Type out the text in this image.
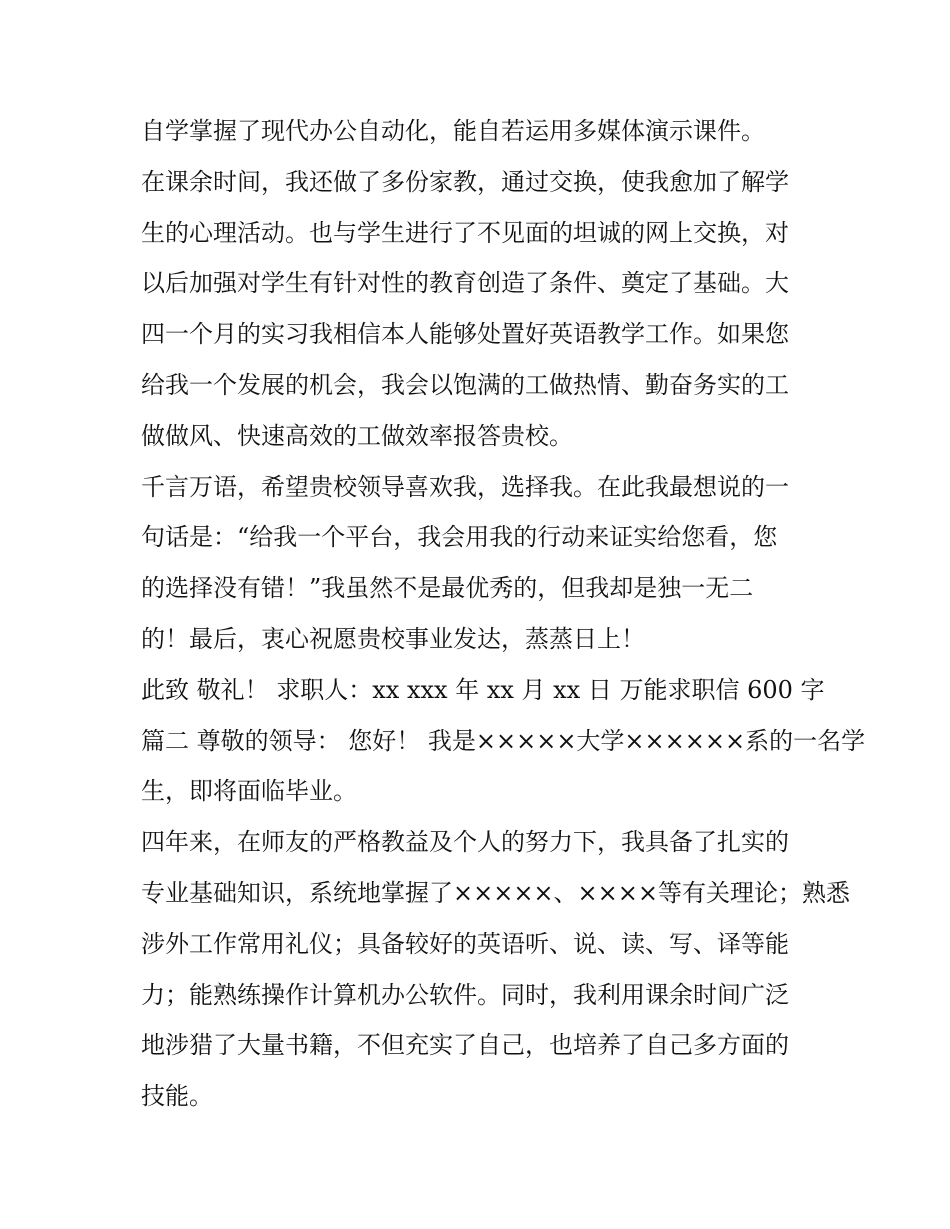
自学掌握了现代办公自动化，能自若运用多媒体演示课件。
在课余时间，我还做了多份家教，通过交换，使我愈加了解学
生的心理活动。也与学生进行了不见面的坦诚的网上交换，对
以后加强对学生有针对性的教育创造了条件、奠定了基础。大
四一个月的实习我相信本人能够处置好英语教学工作。如果您
给我一个发展的机会，我会以饱满的工做热情、勤奋务实的工
做做风、快速高效的工做效率报答贵校。
千言万语，希望贵校领导喜欢我，选择我。在此我最想说的一
句话是：“给我一个平台，我会用我的行动来证实给您看，您
的选择没有错！”我虽然不是最优秀的，但我却是独一无二
的！最后，衷心祝愿贵校事业发达，蒸蒸日上！
此致 敬礼！ 求职人：xx xxx 年 xx 月 xx 日 万能求职信 600 字
篇二 尊敬的领导： 您好！ 我是×××××大学××××××系的一名学
生，即将面临毕业。
四年来，在师友的严格教益及个人的努力下，我具备了扎实的
专业基础知识，系统地掌握了×××××、××××等有关理论；熟悉
涉外工作常用礼仪；具备较好的英语听、说、读、写、译等能
力；能熟练操作计算机办公软件。同时，我利用课余时间广泛
地涉猎了大量书籍，不但充实了自己，也培养了自己多方面的
技能。
